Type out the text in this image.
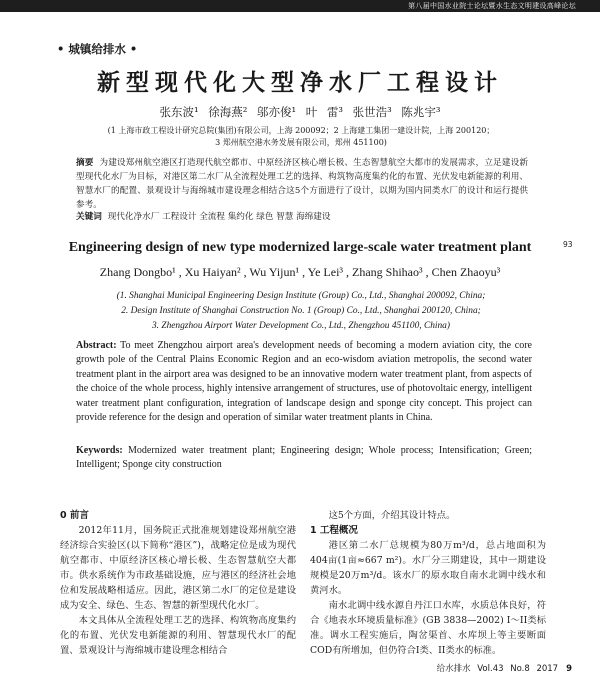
第八届中国水业院士论坛暨水生态文明建设高峰论坛
• 城镇给排水 •
新型现代化大型净水厂工程设计
张东波¹ 徐海燕² 邬亦俊¹ 叶 雷³ 张世浩³ 陈兆宇³
(1 上海市政工程设计研究总院(集团)有限公司，上海 200092；2 上海建工集团一建设计院，上海 200120；
3 郑州航空港水务发展有限公司，郑州 451100)
摘要 为建设郑州航空港区打造现代航空都市、中原经济区核心增长极、生态智慧航空大都市的发展需求，立足建设新型现代化水厂为目标，对港区第二水厂从全流程处理工艺的选择、构筑物高度集约化的布置、光伏发电新能源的利用、智慧水厂的配置、景观设计与海绵城市建设理念相结合这5个方面进行了设计，以期为国内同类水厂的设计和运行提供参考。
关键词 现代化净水厂 工程设计 全流程 集约化 绿色 智慧 海绵建设
Engineering design of new type modernized large-scale water treatment plant
Zhang Dongbo¹ , Xu Haiyan² , Wu Yijun¹ , Ye Lei³ , Zhang Shihao³ , Chen Zhaoyu³
(1. Shanghai Municipal Engineering Design Institute (Group) Co., Ltd., Shanghai 200092, China;
2. Design Institute of Shanghai Construction No. 1 (Group) Co., Ltd., Shanghai 200120, China;
3. Zhengzhou Airport Water Development Co., Ltd., Zhengzhou 451100, China)
93
Abstract: To meet Zhengzhou airport area's development needs of becoming a modern aviation city, the core growth pole of the Central Plains Economic Region and an eco-wisdom aviation metropolis, the second water treatment plant in the airport area was designed to be an innovative modern water treatment plant, from aspects of the choice of the whole process, highly intensive arrangement of structures, use of photovoltaic energy, intelligent water treatment plant configuration, integration of landscape design and sponge city concept. This project can provide reference for the design and operation of similar water treatment plants in China.
Keywords: Modernized water treatment plant; Engineering design; Whole process; Intensification; Green; Intelligent; Sponge city construction
0 前言

2012年11月，国务院正式批准规划建设郑州航空港经济综合实验区(以下简称“港区”)，战略定位是成为现代航空都市、中原经济区核心增长极、生态智慧航空大都市。供水系统作为市政基础设施，应与港区的经济社会地位和发展战略相适应。因此，港区第二水厂的定位是建设成为安全、绿色、生态、智慧的新型现代化水厂。

本文具体从全流程处理工艺的选择、构筑物高度集约化的布置、光伏发电新能源的利用、智慧现代水厂的配置、景观设计与海绵城市建设理念相结合

这5个方面，介绍其设计特点。

1 工程概况

港区第二水厂总规模为80万m³/d，总占地面积为404亩(1亩≈667 m²)。水厂分三期建设，其中一期建设规模是20万m³/d。该水厂的原水取自南水北调中线水和黄河水。

南水北调中线水源自丹江口水库，水质总体良好，符合《地表水环境质量标准》(GB 3838—2002) I～II类标准。调水工程实施后，陶岔渠首、水库坝上等主要断面COD有所增加，但仍符合I类、II类水的标准。

给水排水 Vol.43 No.8 2017 9
